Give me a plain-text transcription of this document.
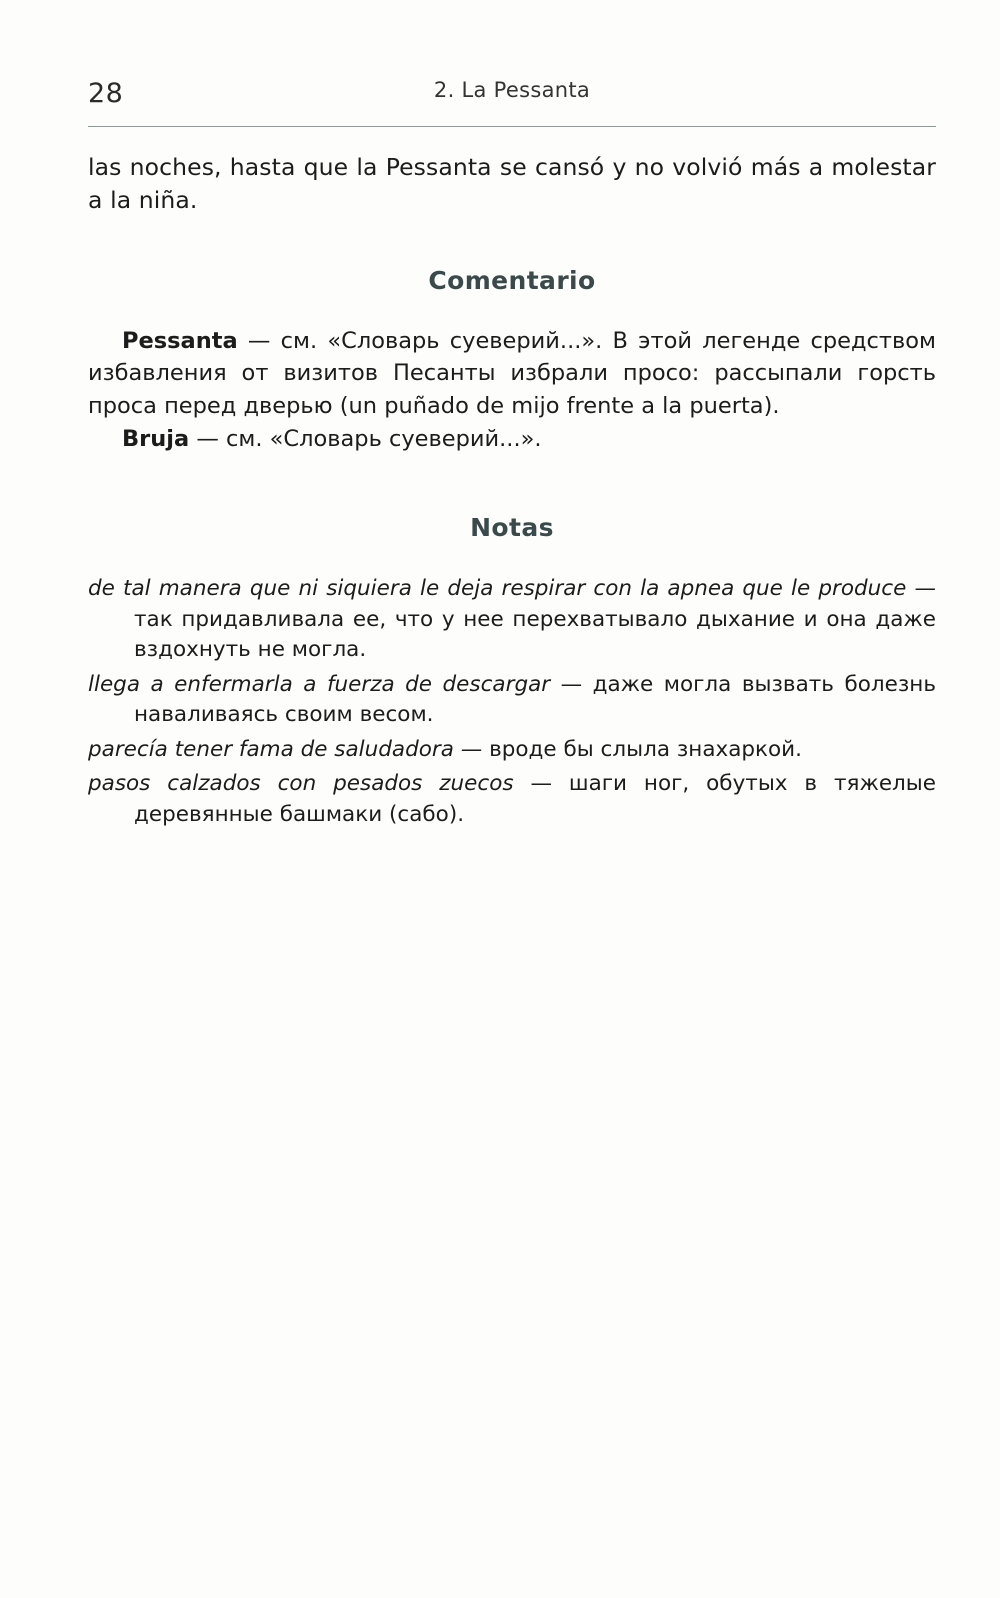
28	2. La Pessanta

las noches, hasta que la Pessanta se cansó y no volvió más a molestar a la niña.

Comentario

Pessanta — см. «Словарь суеверий...». В этой легенде средством избавления от визитов Песанты избрали просо: рассыпали горсть проса перед дверью (un puñado de mijo frente a la puerta).

Bruja — см. «Словарь суеверий...».

Notas

de tal manera que ni siquiera le deja respirar con la apnea que le produce — так придавливала ее, что у нее перехватывало дыхание и она даже вздохнуть не могла.

llega a enfermarla a fuerza de descargar — даже могла вызвать болезнь наваливаясь своим весом.

parecía tener fama de saludadora — вроде бы слыла знахаркой.

pasos calzados con pesados zuecos — шаги ног, обутых в тяжелые деревянные башмаки (сабо).
